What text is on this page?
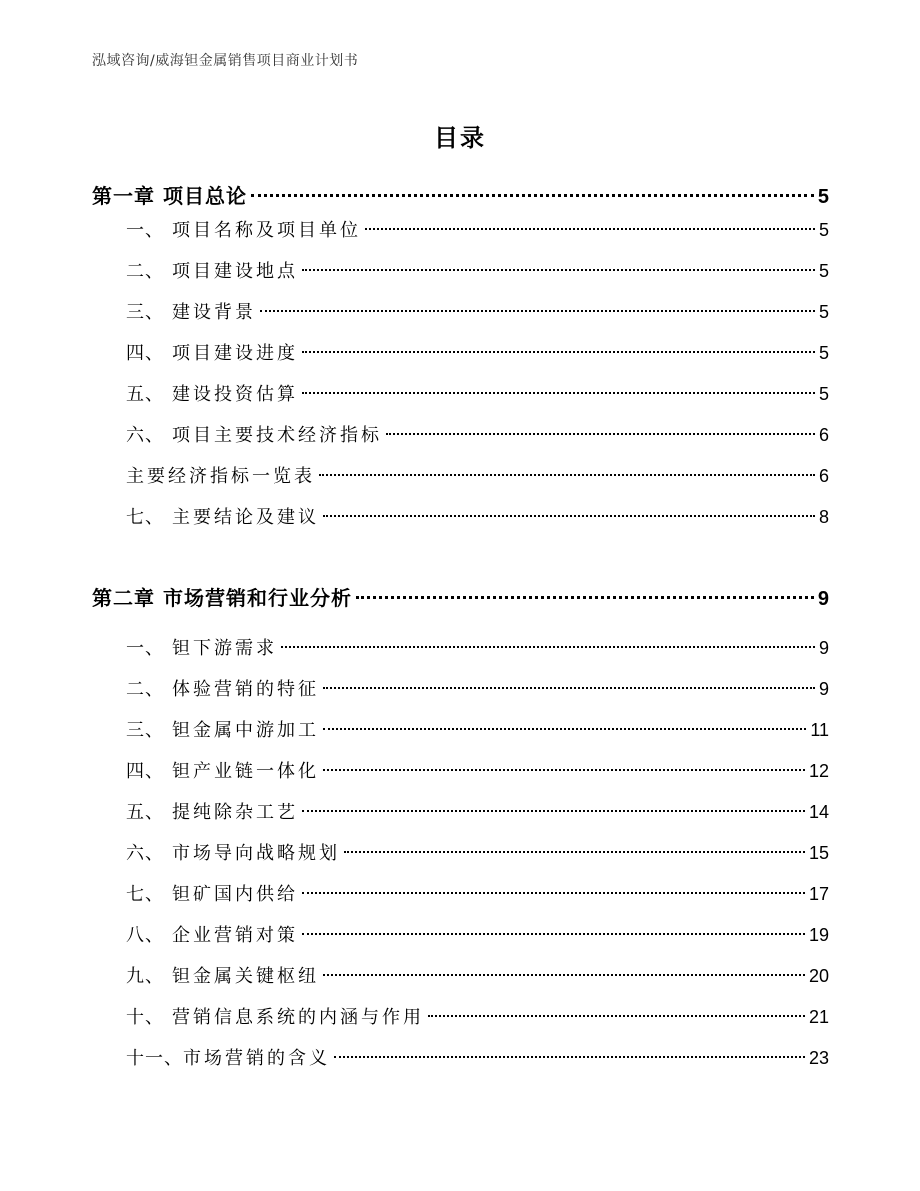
泓域咨询/威海钽金属销售项目商业计划书
目录
第一章 项目总论	5
一、 项目名称及项目单位	5
二、 项目建设地点	5
三、 建设背景	5
四、 项目建设进度	5
五、 建设投资估算	5
六、 项目主要技术经济指标	6
主要经济指标一览表	6
七、 主要结论及建议	8
第二章 市场营销和行业分析	9
一、 钽下游需求	9
二、 体验营销的特征	9
三、 钽金属中游加工	11
四、 钽产业链一体化	12
五、 提纯除杂工艺	14
六、 市场导向战略规划	15
七、 钽矿国内供给	17
八、 企业营销对策	19
九、 钽金属关键枢纽	20
十、 营销信息系统的内涵与作用	21
十一、 市场营销的含义	23
